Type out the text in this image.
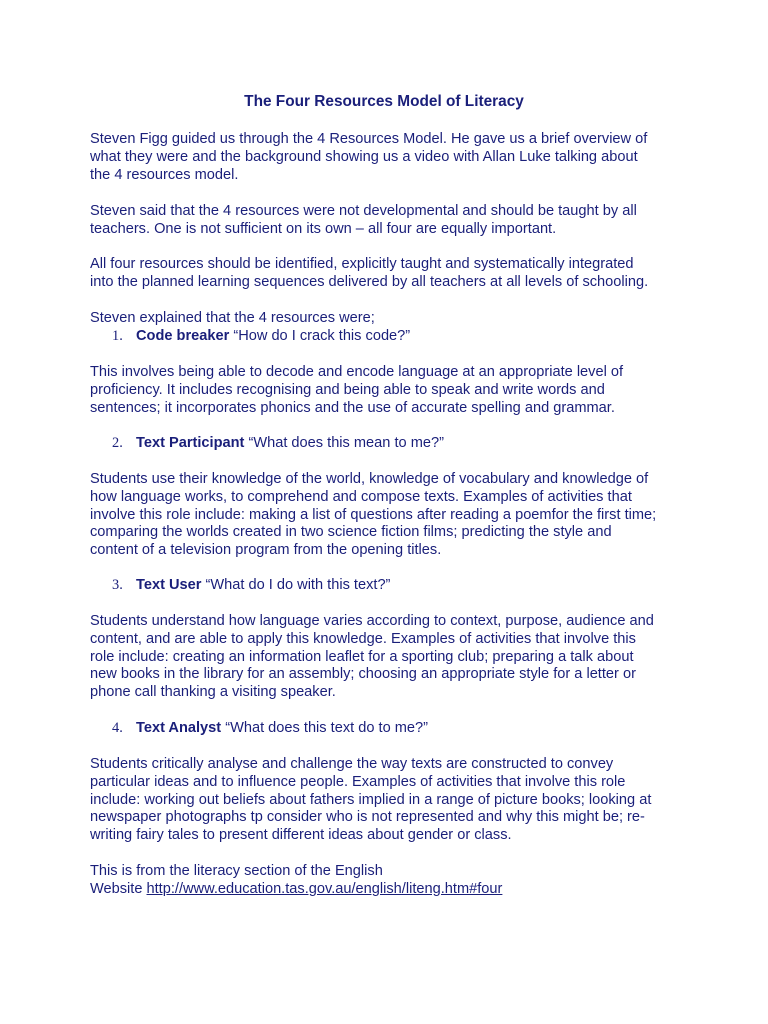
The Four Resources Model of Literacy

Steven Figg guided us through the 4 Resources Model. He gave us a brief overview of
what they were and the background showing us a video with Allan Luke talking about
the 4 resources model.

Steven said that the 4 resources were not developmental and should be taught by all
teachers. One is not sufficient on its own – all four are equally important.

All four resources should be identified, explicitly taught and systematically integrated
into the planned learning sequences delivered by all teachers at all levels of schooling.

Steven explained that the 4 resources were;

1. Code breaker “How do I crack this code?”

This involves being able to decode and encode language at an appropriate level of
proficiency. It includes recognising and being able to speak and write words and
sentences; it incorporates phonics and the use of accurate spelling and grammar.

2. Text Participant “What does this mean to me?”

Students use their knowledge of the world, knowledge of vocabulary and knowledge of
how language works, to comprehend and compose texts. Examples of activities that
involve this role include: making a list of questions after reading a poemfor the first time;
comparing the worlds created in two science fiction films; predicting the style and
content of a television program from the opening titles.

3. Text User “What do I do with this text?”

Students understand how language varies according to context, purpose, audience and
content, and are able to apply this knowledge. Examples of activities that involve this
role include: creating an information leaflet for a sporting club; preparing a talk about
new books in the library for an assembly; choosing an appropriate style for a letter or
phone call thanking a visiting speaker.

4. Text Analyst “What does this text do to me?”

Students critically analyse and challenge the way texts are constructed to convey
particular ideas and to influence people. Examples of activities that involve this role
include: working out beliefs about fathers implied in a range of picture books; looking at
newspaper photographs tp consider who is not represented and why this might be; re-
writing fairy tales to present different ideas about gender or class.

This is from the literacy section of the English
Website http://www.education.tas.gov.au/english/liteng.htm#four
